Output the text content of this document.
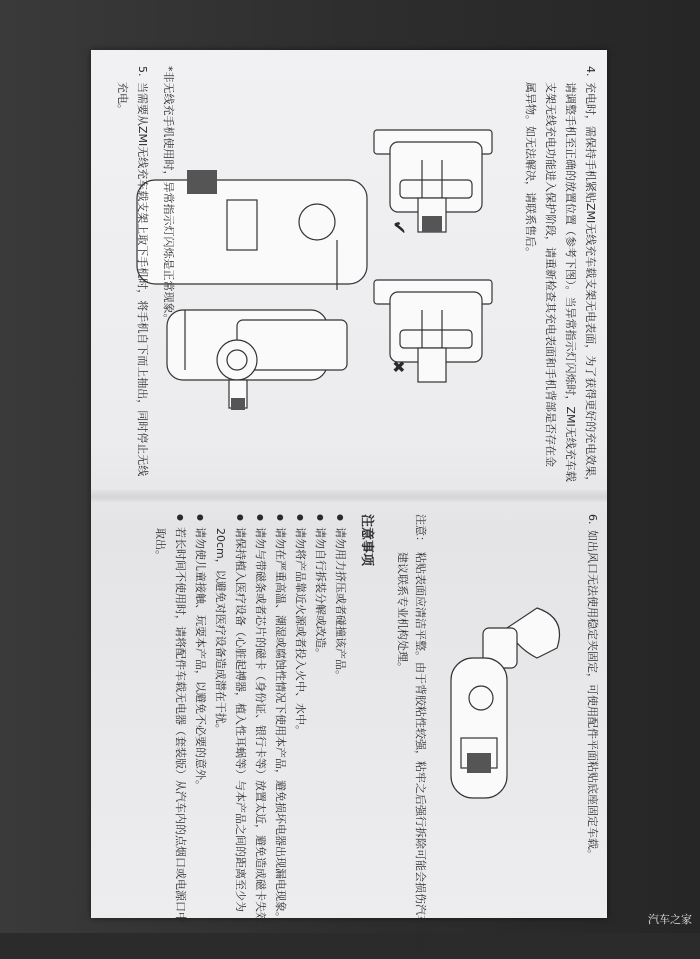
4.
充电时，需保持手机紧贴ZMI无线充车载支架无电表面，为了获得更好的充电效果，
请调整手机至正确的放置位置（参考下图）。当异常指示灯闪烁时，ZMI无线充车载
支架无线充电功能进入保护阶段，请重新检查其充电表面和手机背部是否存在金
属异物。如无法解决，请联系售后。
✔
✖
*非无线充手机使用时，异常指示灯闪烁是正常现象。
5.
当需要从ZMI无线充车载支架上取下手机时，将手机自下而上抽出，同时停止无线
充电。
6.
如出风口无法使用稳定夹固定，可使用配件平面粘贴底座固定车载。
注意：
粘贴表面应清洁平整。由于背胶粘性较强，粘牢之后强行拆除可能会损伤汽车内饰，
建议联系专业机构处理。
注意事项
● 请勿用力挤压或者碰撞该产品。
● 请勿自行拆装分解或改造。
● 请勿将产品靠近火源或者投入火中、水中。
● 请勿在严重高温、潮湿或腐蚀性情况下使用本产品，避免损坏电器出现漏电现象。
● 请勿与带磁条或者芯片的磁卡（身份证、银行卡等）放置太近，避免造成磁卡失效。
● 请保持植入医疗设备（心脏起搏器，植入性耳蜗等）与本产品之间的距离至少为
20cm，以避免对医疗设备造成潜在干扰。
● 请勿使儿童接触、玩耍本产品，以避免不必要的意外。
● 若长时间不使用时，请将配件车载无电器（套装版）从汽车内的点烟口或电源口中
取出。
汽车之家
